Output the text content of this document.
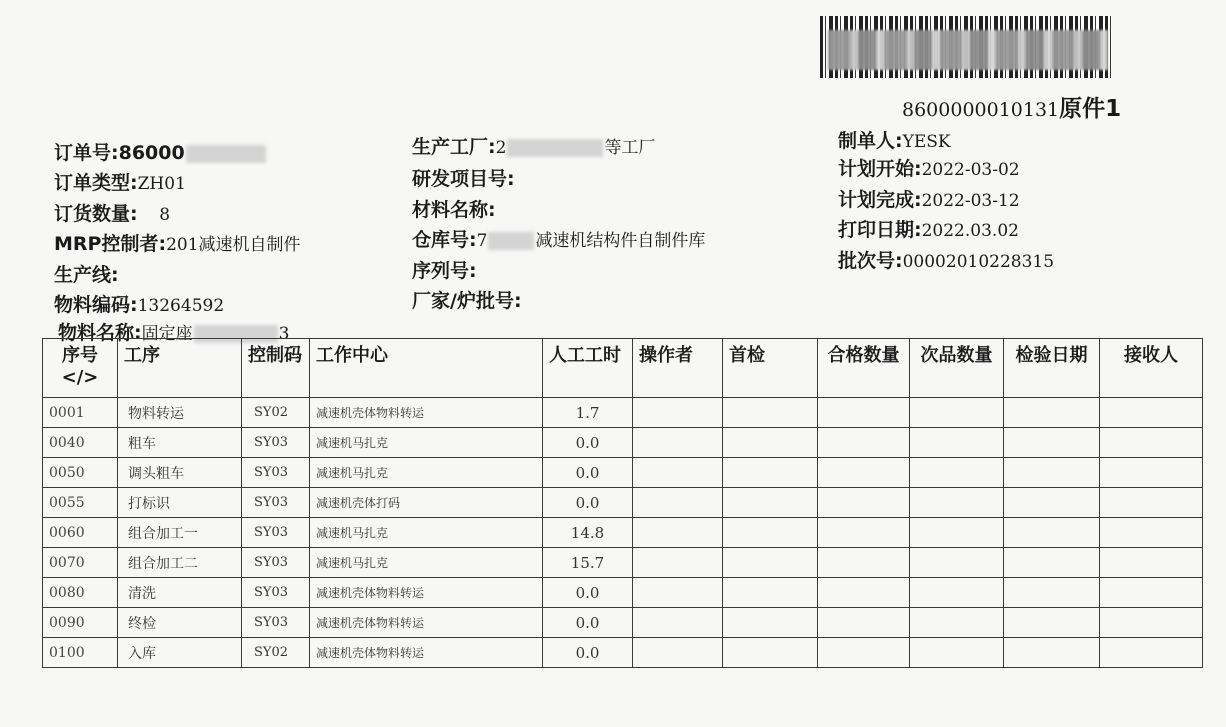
8600000010131原件1
订单号:86000
订单类型:ZH01
订货数量:    8
MRP控制者:201减速机自制件
生产线:
物料编码:13264592
物料名称:固定座	3
生产工厂:2	等工厂
研发项目号:
材料名称:
仓库号:7	减速机结构件自制件库
序列号:
厂家/炉批号:
制单人:YESK
计划开始:2022-03-02
计划完成:2022-03-12
打印日期:2022.03.02
批次号:00002010228315
序号</>	工序	控制码	工作中心	人工工时	操作者	首检	合格数量	次品数量	检验日期	接收人
0001	物料转运	SY02	减速机壳体物料转运	1.7						
0040	粗车	SY03	减速机马扎克	0.0						
0050	调头粗车	SY03	减速机马扎克	0.0						
0055	打标识	SY03	减速机壳体打码	0.0						
0060	组合加工一	SY03	减速机马扎克	14.8						
0070	组合加工二	SY03	减速机马扎克	15.7						
0080	清洗	SY03	减速机壳体物料转运	0.0						
0090	终检	SY03	减速机壳体物料转运	0.0						
0100	入库	SY02	减速机壳体物料转运	0.0						
